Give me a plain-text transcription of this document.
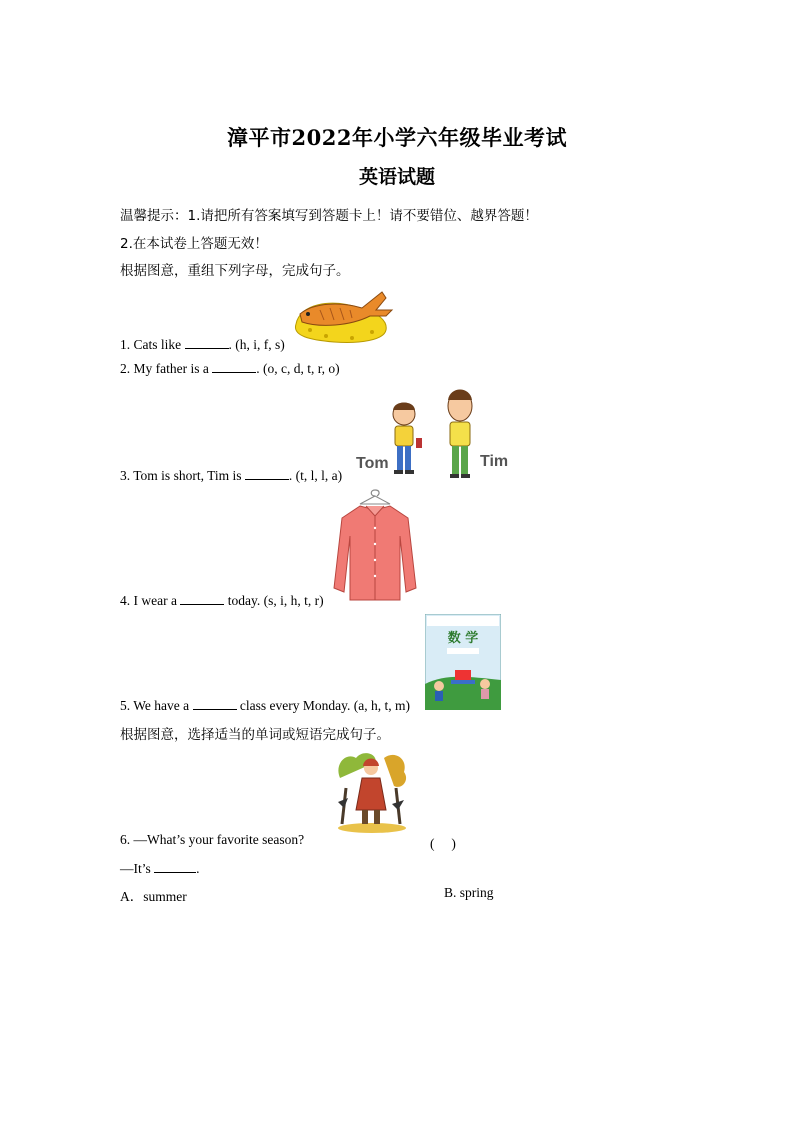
漳平市2022年小学六年级毕业考试
英语试题
温馨提示：1.请把所有答案填写到答题卡上！请不要错位、越界答题！
2.在本试卷上答题无效！
根据图意，重组下列字母，完成句子。
1. Cats like	. (h, i, f, s)
2. My father is a	. (o, c, d, t, r, o)
Tom	Tim
3. Tom is short, Tim is	. (t, l, l, a)
4. I wear a	today. (s, i, h, t, r)
数 学
5. We have a	class every Monday. (a, h, t, m)
根据图意，选择适当的单词或短语完成句子。
6. —What’s your favorite season?	(　 )
—It’s	.
A．summer	B. spring
